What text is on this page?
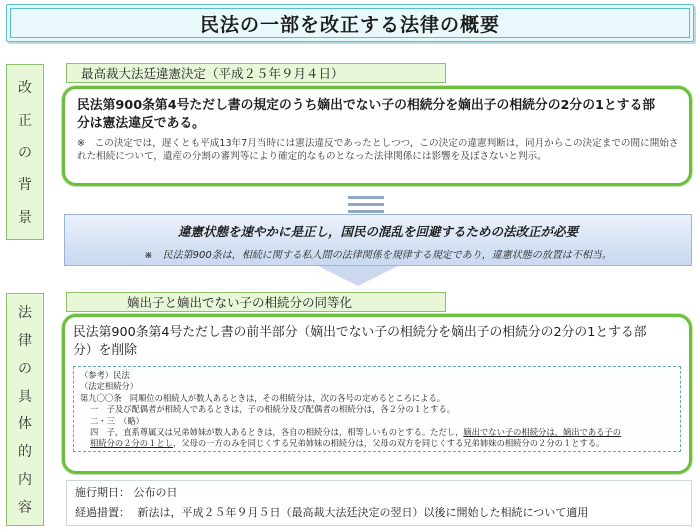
民法の一部を改正する法律の概要
改
正
の
背
景
法
律
の
具
体
的
内
容
最高裁大法廷違憲決定（平成２５年９月４日）
民法第900条第4号ただし書の規定のうち嫡出でない子の相続分を嫡出子の相続分の2分の1とする部
分は憲法違反である。
※　この決定では，遅くとも平成13年7月当時には憲法違反であったとしつつ，この決定の違憲判断は，同月からこの決定までの間に開始された相続について，遺産の分割の審判等により確定的なものとなった法律関係には影響を及ぼさないと判示。
違憲状態を速やかに是正し，国民の混乱を回避するための法改正が必要
※　民法第900条は，相続に関する私人間の法律関係を規律する規定であり，違憲状態の放置は不相当。
嫡出子と嫡出でない子の相続分の同等化
民法第900条第4号ただし書の前半部分（嫡出でない子の相続分を嫡出子の相続分の2分の1とする部
分）を削除
（参考）民法
（法定相続分）
第九〇〇条　同順位の相続人が数人あるときは，その相続分は，次の各号の定めるところによる。
一　子及び配偶者が相続人であるときは，子の相続分及び配偶者の相続分は，各２分の１とする。
二・三　（略）
四　子，直系尊属又は兄弟姉妹が数人あるときは，各自の相続分は，相等しいものとする。ただし，嫡出でない子の相続分は，嫡出である子の
相続分の２分の１とし，父母の一方のみを同じくする兄弟姉妹の相続分は，父母の双方を同じくする兄弟姉妹の相続分の２分の１とする。
施行期日： 公布の日
経過措置： 新法は，平成２５年９月５日（最高裁大法廷決定の翌日）以後に開始した相続について適用
